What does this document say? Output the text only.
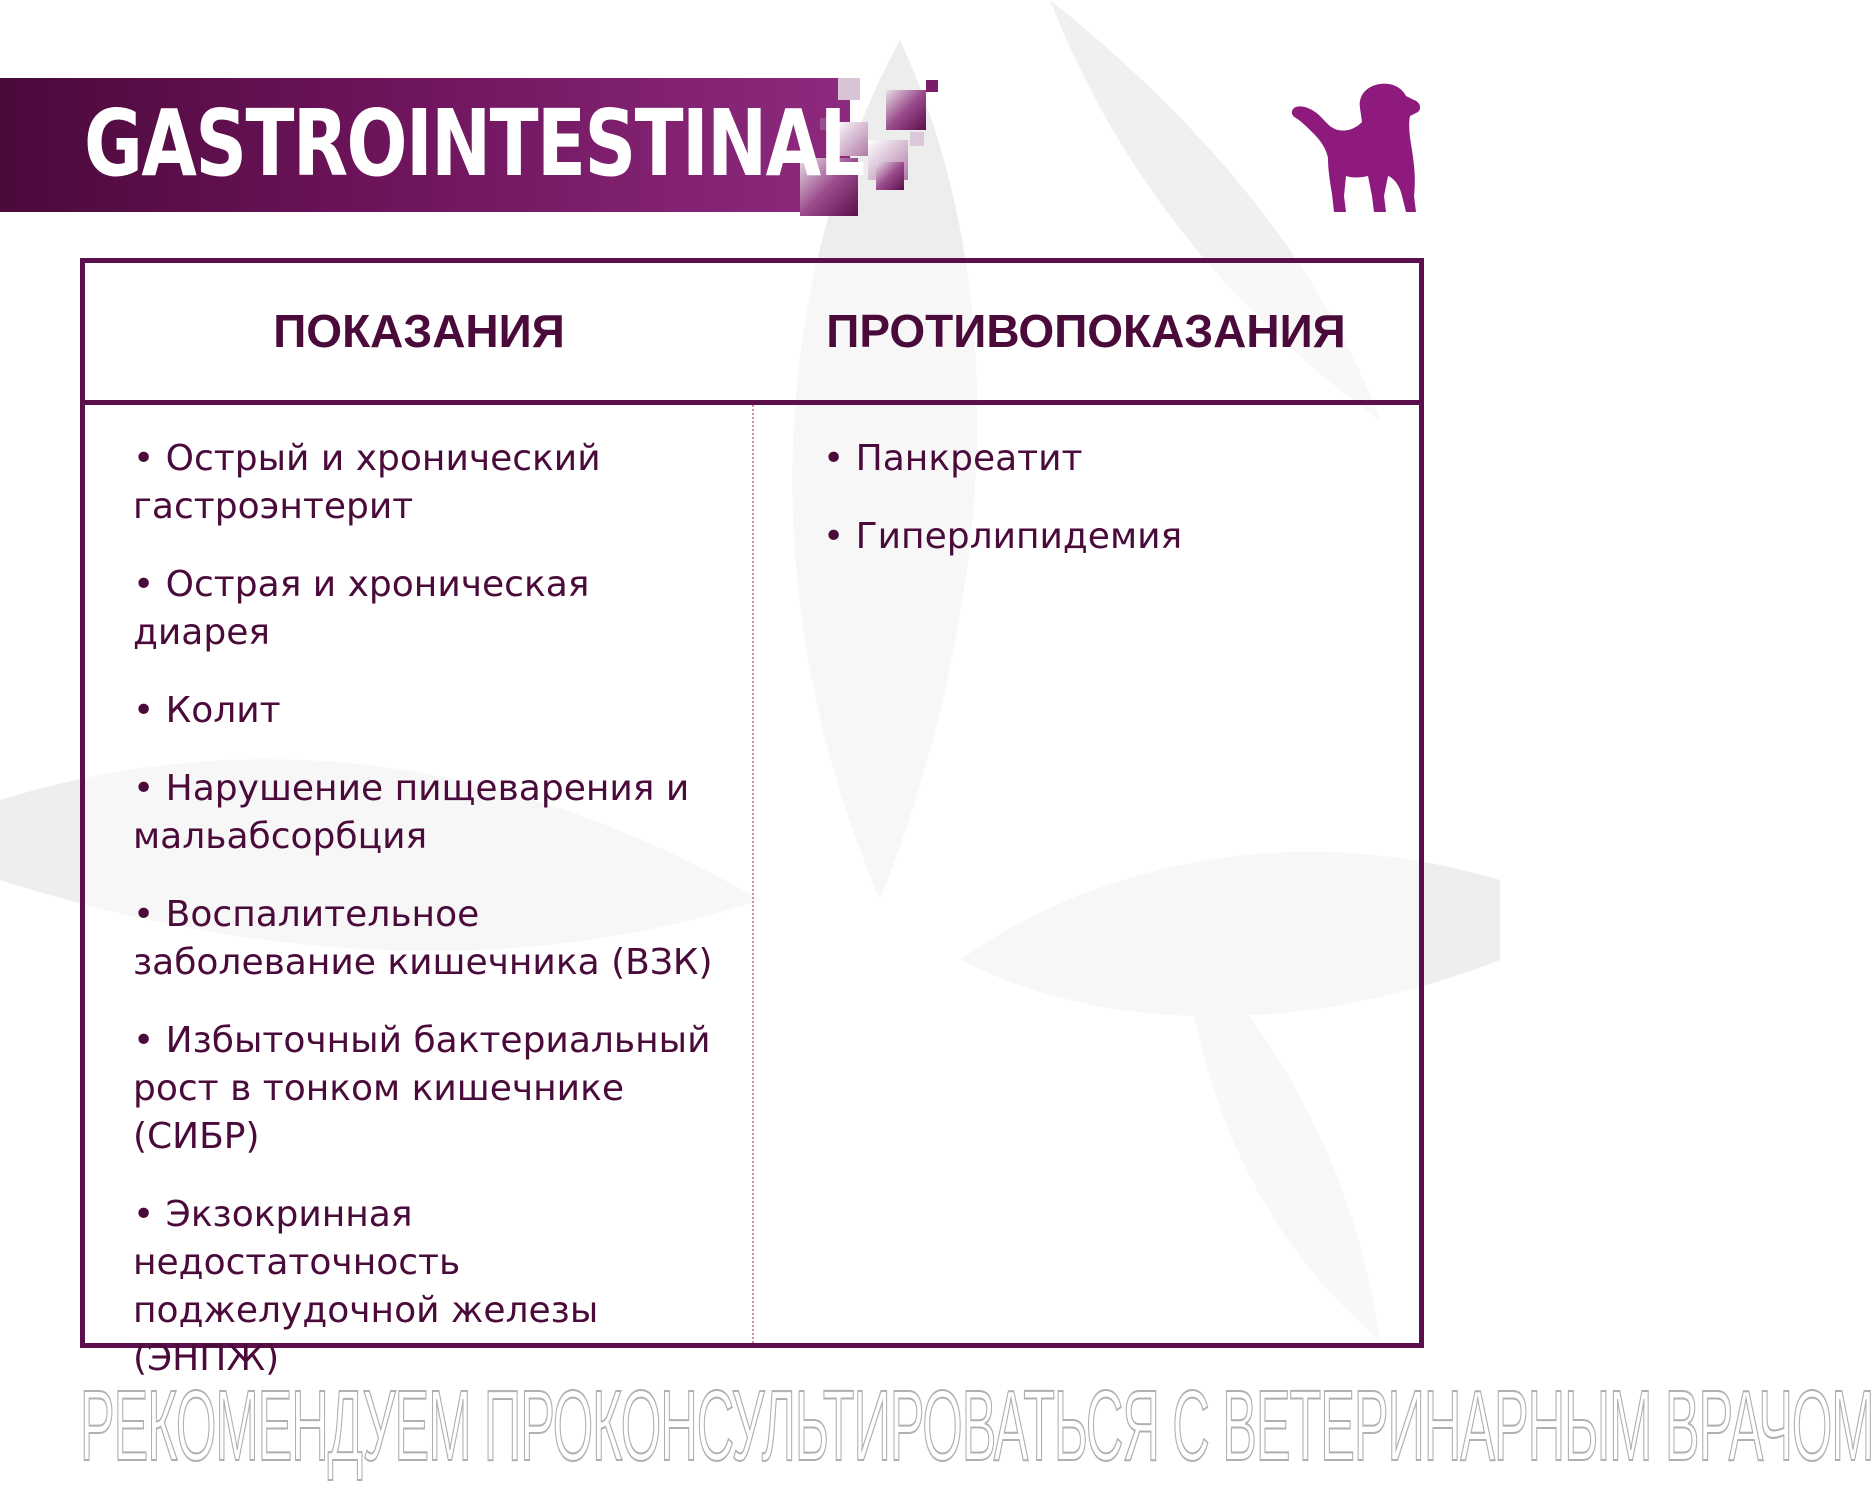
GASTROINTESTINAL
ПОКАЗАНИЯ	ПРОТИВОПОКАЗАНИЯ
• Острый и хронический гастроэнтерит
• Острая и хроническая диарея
• Колит
• Нарушение пищеварения и мальабсорбция
• Воспалительное заболевание кишечника (ВЗК)
• Избыточный бактериальный рост в тонком кишечнике (СИБР)
• Экзокринная недостаточность поджелудочной железы (ЭНПЖ)
• Панкреатит
• Гиперлипидемия
РЕКОМЕНДУЕМ ПРОКОНСУЛЬТИРОВАТЬСЯ С ВЕТЕРИНАРНЫМ ВРАЧОМ
